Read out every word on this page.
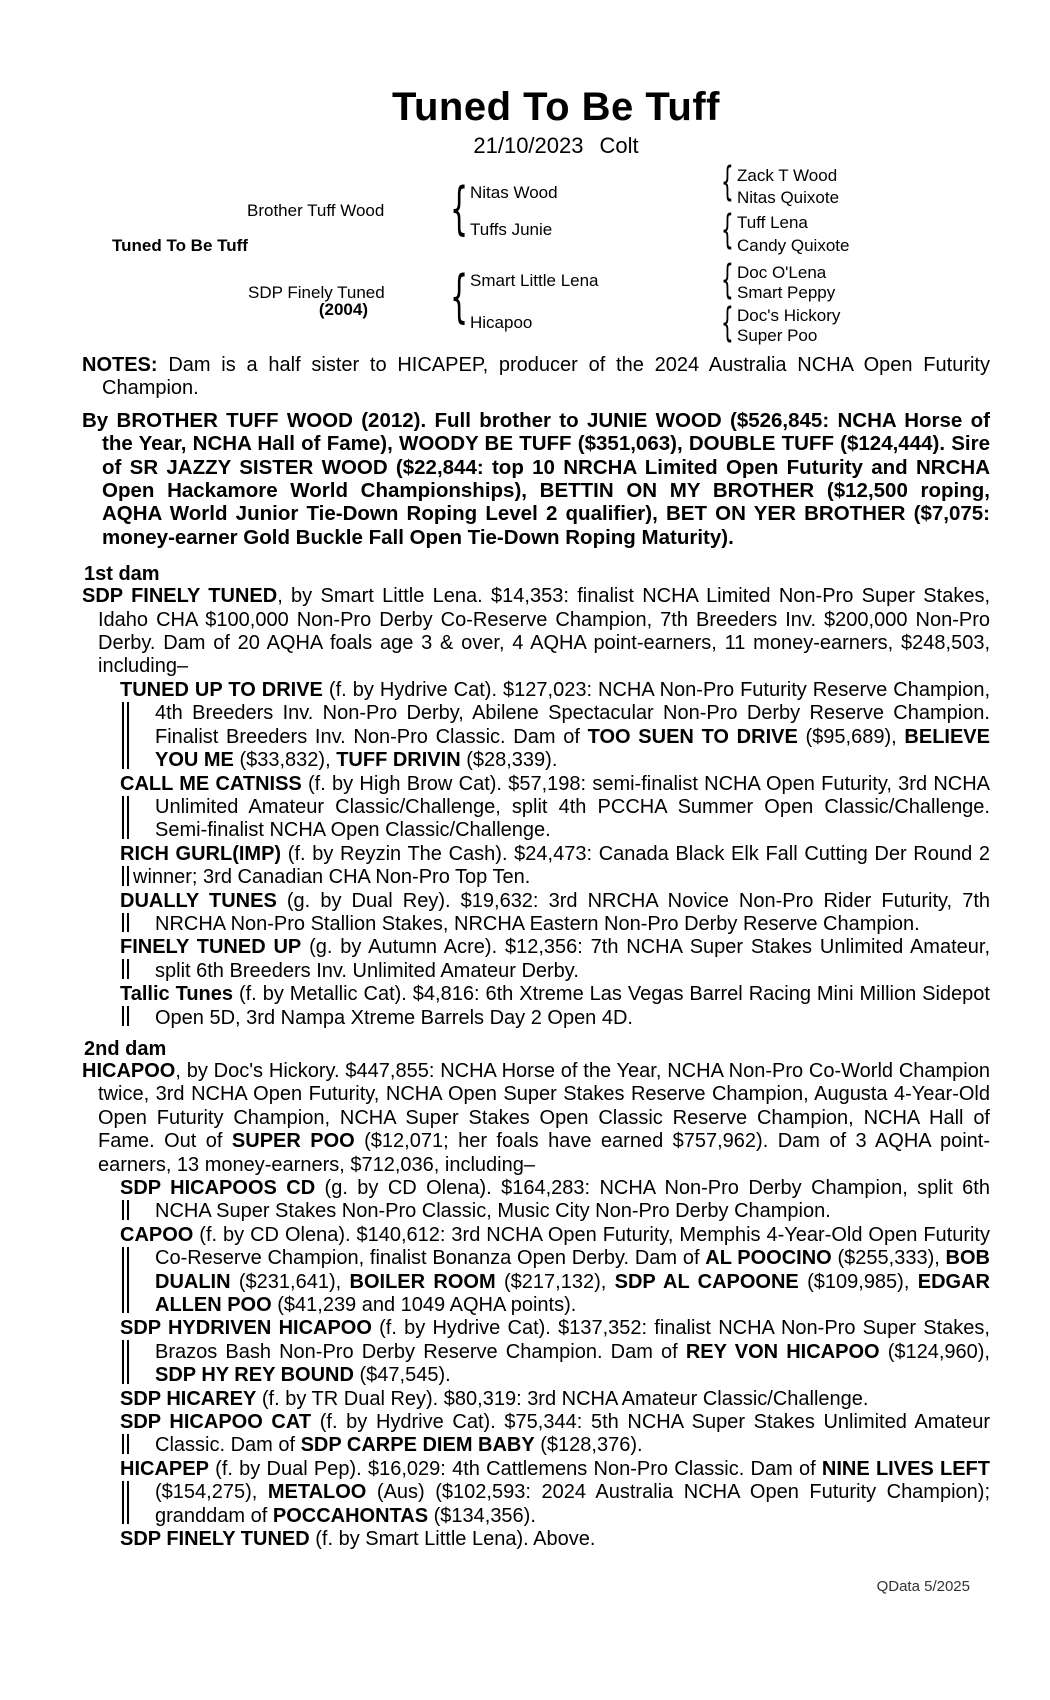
Tuned To Be Tuff
21/10/2023 Colt
Tuned To Be Tuff
Brother Tuff Wood
SDP Finely Tuned
(2004)
{
{
Nitas Wood
Tuffs Junie
Smart Little Lena
Hicapoo
{
{
{
{
Zack T Wood
Nitas Quixote
Tuff Lena
Candy Quixote
Doc O'Lena
Smart Peppy
Doc's Hickory
Super Poo

NOTES: Dam is a half sister to HICAPEP, producer of the 2024 Australia NCHA Open Futurity Champion.

By BROTHER TUFF WOOD (2012). Full brother to JUNIE WOOD ($526,845: NCHA Horse of the Year, NCHA Hall of Fame), WOODY BE TUFF ($351,063), DOUBLE TUFF ($124,444). Sire of SR JAZZY SISTER WOOD ($22,844: top 10 NRCHA Limited Open Futurity and NRCHA Open Hackamore World Championships), BETTIN ON MY BROTHER ($12,500 roping, AQHA World Junior Tie-Down Roping Level 2 qualifier), BET ON YER BROTHER ($7,075: money-earner Gold Buckle Fall Open Tie-Down Roping Maturity).

1st dam

SDP FINELY TUNED, by Smart Little Lena. $14,353: finalist NCHA Limited Non-Pro Super Stakes, Idaho CHA $100,000 Non-Pro Derby Co-Reserve Champion, 7th Breeders Inv. $200,000 Non-Pro Derby. Dam of 20 AQHA foals age 3 & over, 4 AQHA point-earners, 11 money-earners, $248,503, including–

TUNED UP TO DRIVE (f. by Hydrive Cat). $127,023: NCHA Non-Pro Futurity Reserve Champion, 4th Breeders Inv. Non-Pro Derby, Abilene Spectacular Non-Pro Derby Reserve Champion. Finalist Breeders Inv. Non-Pro Classic. Dam of TOO SUEN TO DRIVE ($95,689), BELIEVE YOU ME ($33,832), TUFF DRIVIN ($28,339).
CALL ME CATNISS (f. by High Brow Cat). $57,198: semi-finalist NCHA Open Futurity, 3rd NCHA Unlimited Amateur Classic/Challenge, split 4th PCCHA Summer Open Classic/Challenge. Semi-finalist NCHA Open Classic/Challenge.
RICH GURL(IMP) (f. by Reyzin The Cash). $24,473: Canada Black Elk Fall Cutting Der Round 2 winner; 3rd Canadian CHA Non-Pro Top Ten.
DUALLY TUNES (g. by Dual Rey). $19,632: 3rd NRCHA Novice Non-Pro Rider Futurity, 7th NRCHA Non-Pro Stallion Stakes, NRCHA Eastern Non-Pro Derby Reserve Champion.
FINELY TUNED UP (g. by Autumn Acre). $12,356: 7th NCHA Super Stakes Unlimited Amateur, split 6th Breeders Inv. Unlimited Amateur Derby.
Tallic Tunes (f. by Metallic Cat). $4,816: 6th Xtreme Las Vegas Barrel Racing Mini Million Sidepot Open 5D, 3rd Nampa Xtreme Barrels Day 2 Open 4D.
2nd dam

HICAPOO, by Doc's Hickory. $447,855: NCHA Horse of the Year, NCHA Non-Pro Co-World Champion twice, 3rd NCHA Open Futurity, NCHA Open Super Stakes Reserve Champion, Augusta 4-Year-Old Open Futurity Champion, NCHA Super Stakes Open Classic Reserve Champion, NCHA Hall of Fame. Out of SUPER POO ($12,071; her foals have earned $757,962). Dam of 3 AQHA point-earners, 13 money-earners, $712,036, including–

SDP HICAPOOS CD (g. by CD Olena). $164,283: NCHA Non-Pro Derby Champion, split 6th NCHA Super Stakes Non-Pro Classic, Music City Non-Pro Derby Champion.
CAPOO (f. by CD Olena). $140,612: 3rd NCHA Open Futurity, Memphis 4-Year-Old Open Futurity Co-Reserve Champion, finalist Bonanza Open Derby. Dam of AL POOCINO ($255,333), BOB DUALIN ($231,641), BOILER ROOM ($217,132), SDP AL CAPOONE ($109,985), EDGAR ALLEN POO ($41,239 and 1049 AQHA points).
SDP HYDRIVEN HICAPOO (f. by Hydrive Cat). $137,352: finalist NCHA Non-Pro Super Stakes, Brazos Bash Non-Pro Derby Reserve Champion. Dam of REY VON HICAPOO ($124,960), SDP HY REY BOUND ($47,545).
SDP HICAREY (f. by TR Dual Rey). $80,319: 3rd NCHA Amateur Classic/Challenge.
SDP HICAPOO CAT (f. by Hydrive Cat). $75,344: 5th NCHA Super Stakes Unlimited Amateur Classic. Dam of SDP CARPE DIEM BABY ($128,376).
HICAPEP (f. by Dual Pep). $16,029: 4th Cattlemens Non-Pro Classic. Dam of NINE LIVES LEFT ($154,275), METALOO (Aus) ($102,593: 2024 Australia NCHA Open Futurity Champion); granddam of POCCAHONTAS ($134,356).
SDP FINELY TUNED (f. by Smart Little Lena). Above.
QData 5/2025
